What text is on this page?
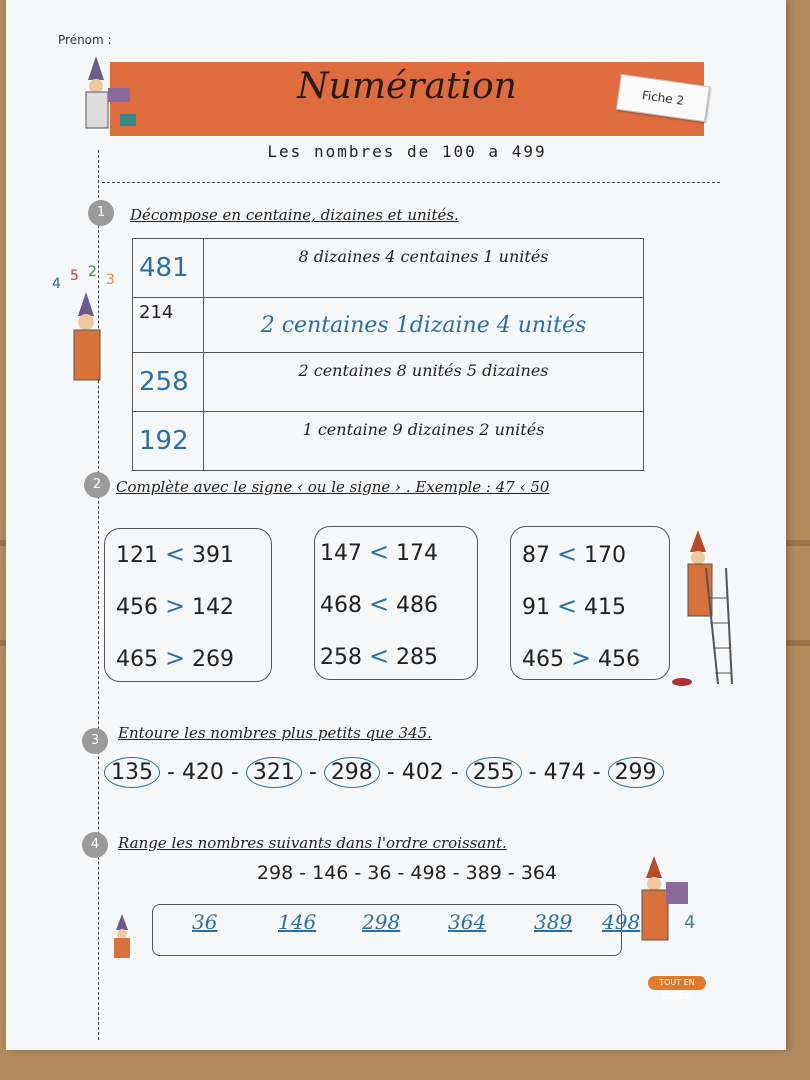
Prénom :
Numération	Fiche 2
Les nombres de 100 a 499
4 5 2 3
4
1	Décompose en centaine, dizaines et unités.
481	8 dizaines 4 centaines 1 unités
214	2 centaines 1dizaine 4 unités
258	2 centaines 8 unités 5 dizaines
192	1 centaine 9 dizaines 2 unités
2 Complète avec le signe ‹ ou le signe › . Exemple : 47 ‹ 50
121 < 391
456 > 142
465 > 269
147 < 174
468 < 486
258 < 285
87 < 170
91 < 415
465 > 456
3	Entoure les nombres plus petits que 345.
135 - 420 - 321 - 298 - 402 - 255 - 474 - 299
4	Range les nombres suivants dans l'ordre croissant.
298 - 146 - 36 - 498 - 389 - 364
36	146 298 364 389 498
TOUT EN GRAND
